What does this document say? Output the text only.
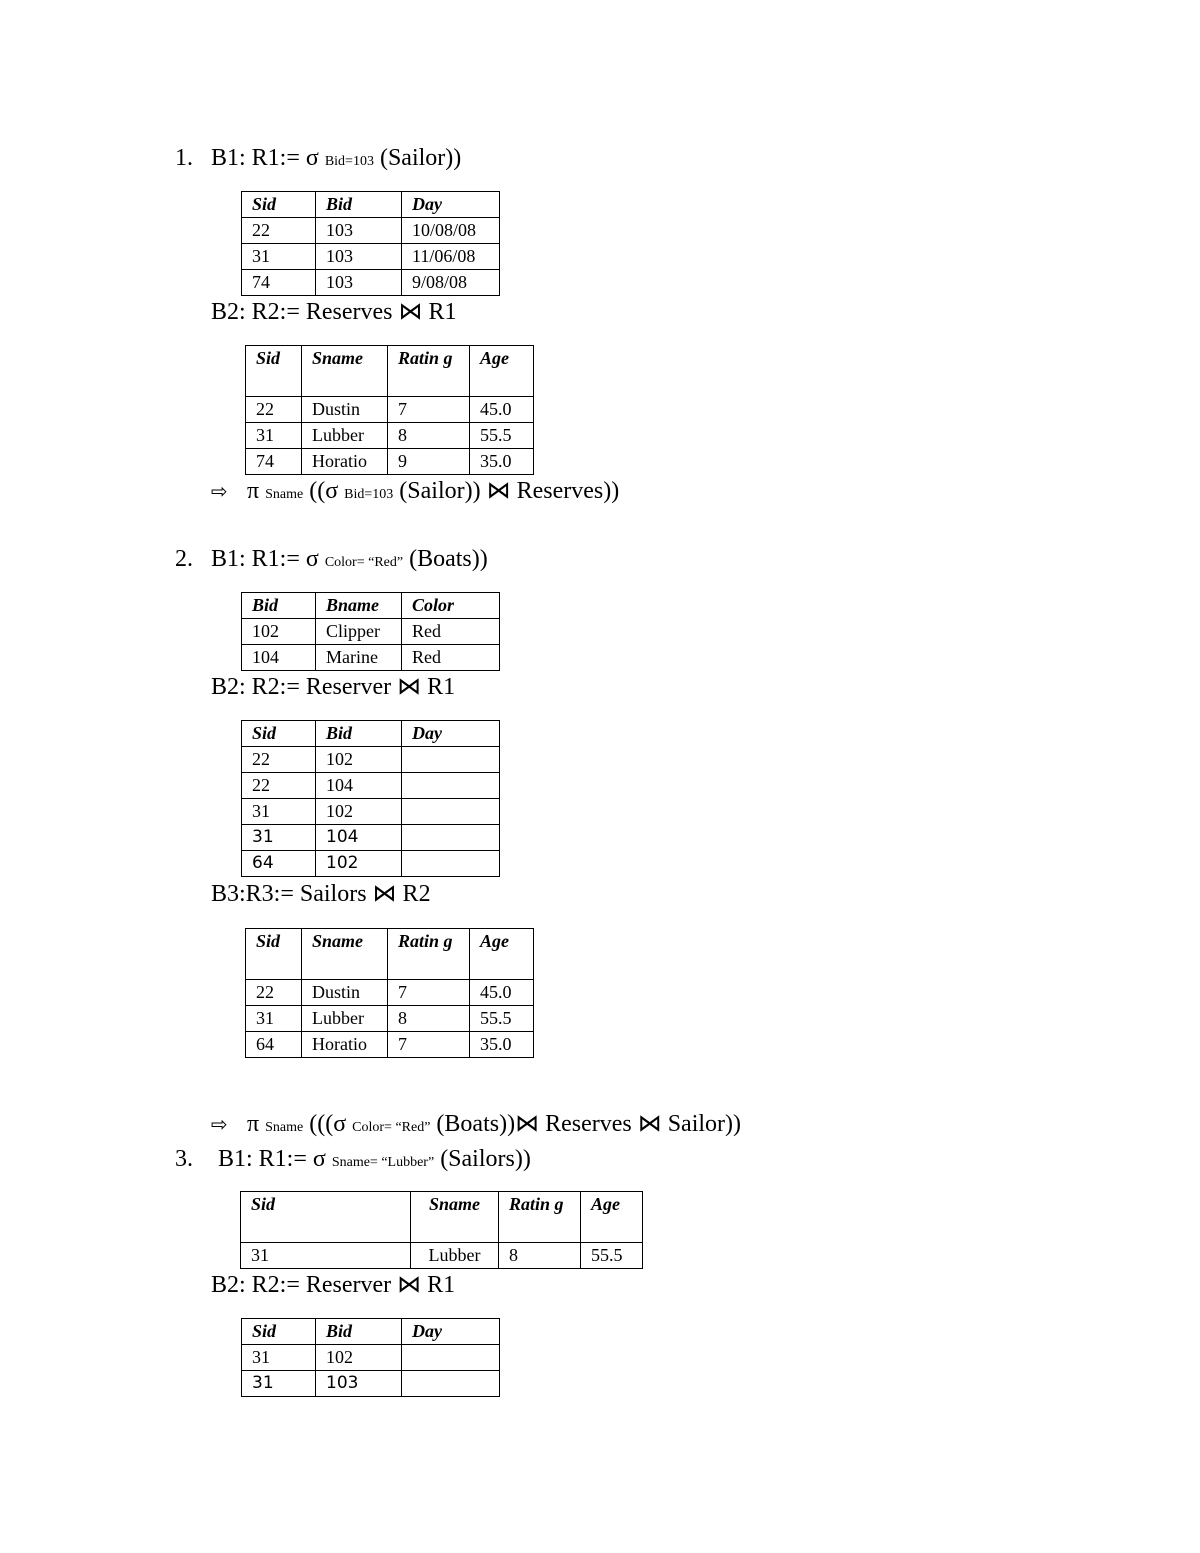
1. B1: R1:= σ Bid=103 (Sailor))
Sid	Bid	Day
22	103	10/08/08
31	103	11/06/08
74	103	9/08/08
B2: R2:= Reserves ⋈ R1
Sid	Sname	Ratin g	Age
22	Dustin	7	45.0
31	Lubber	8	55.5
74	Horatio	9	35.0
⇨ π Sname ((σ Bid=103 (Sailor)) ⋈ Reserves))
2. B1: R1:= σ Color= “Red” (Boats))
Bid	Bname	Color
102	Clipper	Red
104	Marine	Red
B2: R2:= Reserver ⋈ R1
Sid	Bid	Day
22	102	
22	104	
31	102	
31	104	
64	102	
B3:R3:= Sailors ⋈ R2
Sid	Sname	Ratin g	Age
22	Dustin	7	45.0
31	Lubber	8	55.5
64	Horatio	7	35.0
⇨ π Sname (((σ Color= “Red” (Boats))⋈ Reserves ⋈ Sailor))
3. B1: R1:= σ Sname= “Lubber” (Sailors))
Sid	Sname	Ratin g	Age
31	Lubber	8	55.5
B2: R2:= Reserver ⋈ R1
Sid	Bid	Day
31	102	
31	103	
